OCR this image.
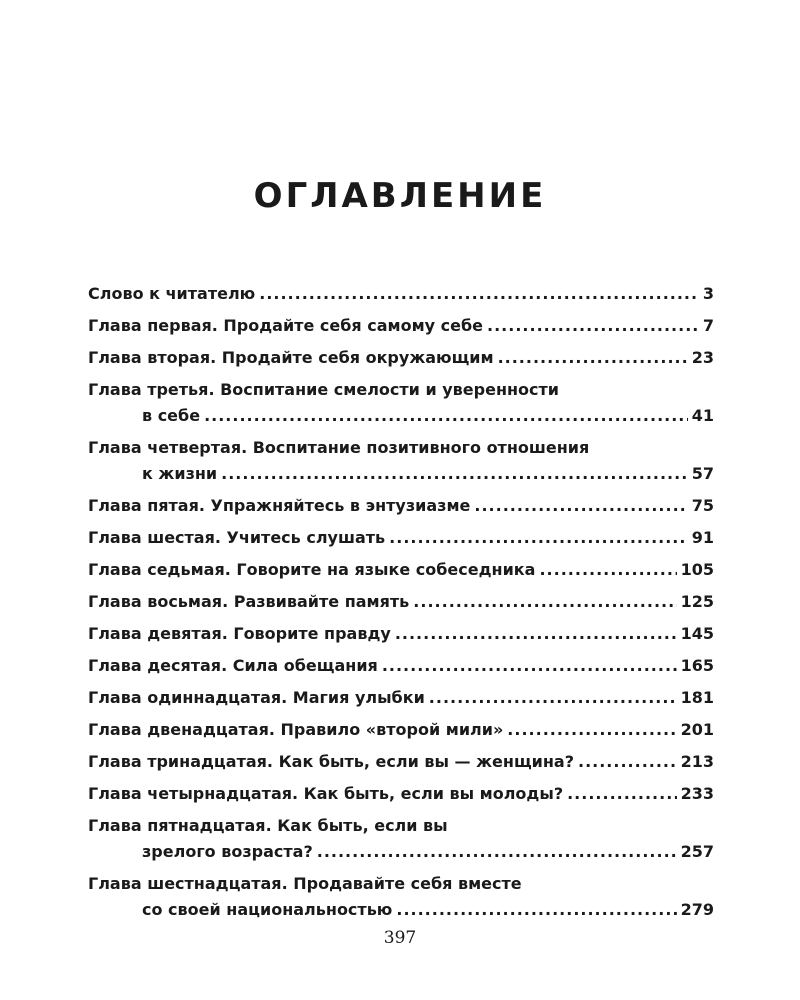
ОГЛАВЛЕНИЕ
Слово к читателю .....	3
Глава первая. Продайте себя самому себе .....	7
Глава вторая. Продайте себя окружающим .....	23
Глава третья. Воспитание смелости и уверенности
в себе .....	41
Глава четвертая. Воспитание позитивного отношения
к жизни .....	57
Глава пятая. Упражняйтесь в энтузиазме .....	75
Глава шестая. Учитесь слушать .....	91
Глава седьмая. Говорите на языке собеседника .....	105
Глава восьмая. Развивайте память .....	125
Глава девятая. Говорите правду .....	145
Глава десятая. Сила обещания .....	165
Глава одиннадцатая. Магия улыбки .....	181
Глава двенадцатая. Правило «второй мили» .....	201
Глава тринадцатая. Как быть, если вы — женщина? .....	213
Глава четырнадцатая. Как быть, если вы молоды? .....	233
Глава пятнадцатая. Как быть, если вы
зрелого возраста? .....	257
Глава шестнадцатая. Продавайте себя вместе
со своей национальностью .....	279
397
